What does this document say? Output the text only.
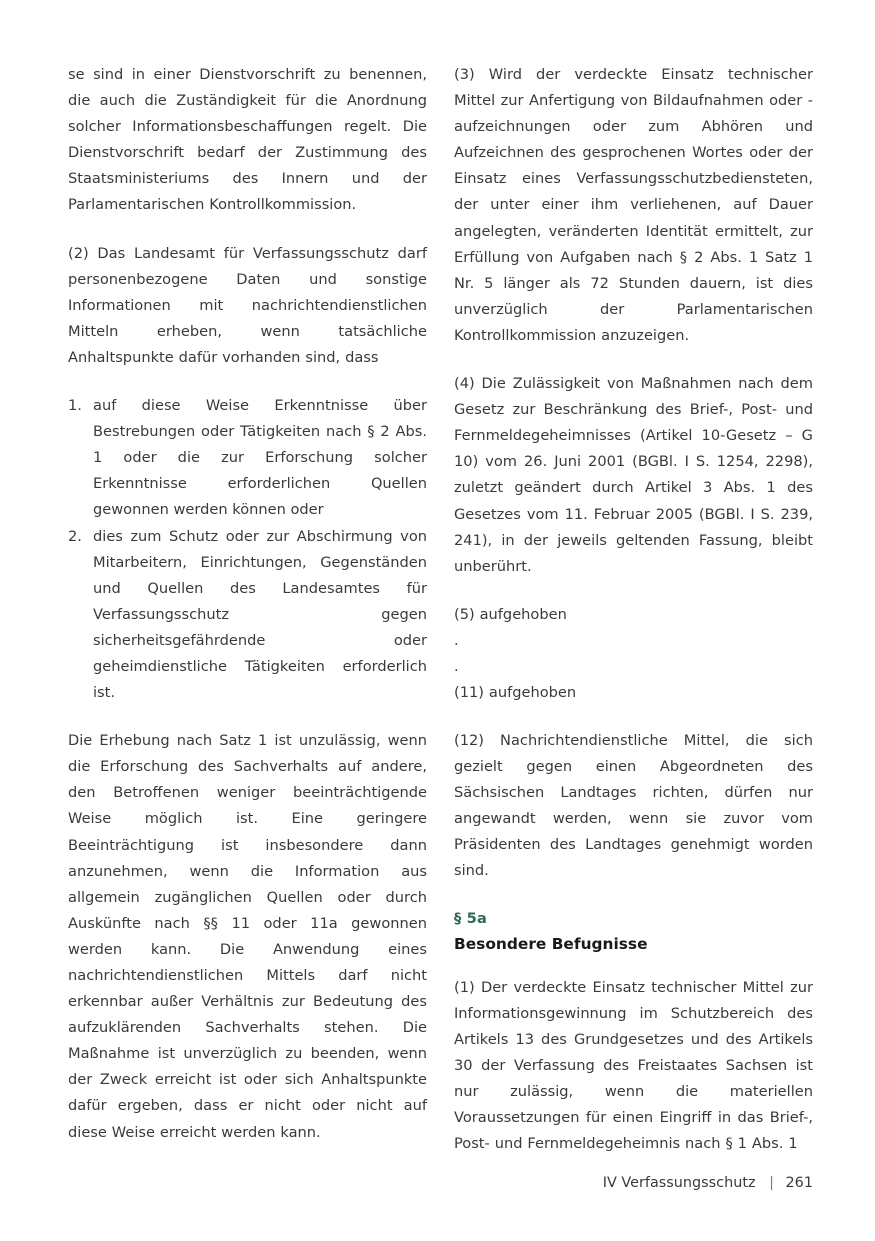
se sind in einer Dienstvorschrift zu benennen, die auch die Zuständigkeit für die Anordnung solcher Informationsbeschaffungen regelt. Die Dienstvorschrift bedarf der Zustimmung des Staatsministeriums des Innern und der Parlamentarischen Kontrollkommission.

(2) Das Landesamt für Verfassungsschutz darf personenbezogene Daten und sonstige Informationen mit nachrichtendienstlichen Mitteln erheben, wenn tatsächliche Anhaltspunkte dafür vorhanden sind, dass

1. auf diese Weise Erkenntnisse über Bestrebungen oder Tätigkeiten nach § 2 Abs. 1 oder die zur Erforschung solcher Erkenntnisse erforderlichen Quellen gewonnen werden können oder
2. dies zum Schutz oder zur Abschirmung von Mitarbeitern, Einrichtungen, Gegenständen und Quellen des Landesamtes für Verfassungsschutz gegen sicherheitsgefährdende oder geheimdienstliche Tätigkeiten erforderlich ist.

Die Erhebung nach Satz 1 ist unzulässig, wenn die Erforschung des Sachverhalts auf andere, den Betroffenen weniger beeinträchtigende Weise möglich ist. Eine geringere Beeinträchtigung ist insbesondere dann anzunehmen, wenn die Information aus allgemein zugänglichen Quellen oder durch Auskünfte nach §§ 11 oder 11a gewonnen werden kann. Die Anwendung eines nachrichtendienstlichen Mittels darf nicht erkennbar außer Verhältnis zur Bedeutung des aufzuklärenden Sachverhalts stehen. Die Maßnahme ist unverzüglich zu beenden, wenn der Zweck erreicht ist oder sich Anhaltspunkte dafür ergeben, dass er nicht oder nicht auf diese Weise erreicht werden kann.

(3) Wird der verdeckte Einsatz technischer Mittel zur Anfertigung von Bildaufnahmen oder -aufzeichnungen oder zum Abhören und Aufzeichnen des gesprochenen Wortes oder der Einsatz eines Verfassungsschutzbediensteten, der unter einer ihm verliehenen, auf Dauer angelegten, veränderten Identität ermittelt, zur Erfüllung von Aufgaben nach § 2 Abs. 1 Satz 1 Nr. 5 länger als 72 Stunden dauern, ist dies unverzüglich der Parlamentarischen Kontrollkommission anzuzeigen.

(4) Die Zulässigkeit von Maßnahmen nach dem Gesetz zur Beschränkung des Brief-, Post- und Fernmeldegeheimnisses (Artikel 10-Gesetz – G 10) vom 26. Juni 2001 (BGBl. I S. 1254, 2298), zuletzt geändert durch Artikel 3 Abs. 1 des Gesetzes vom 11. Februar 2005 (BGBl. I S. 239, 241), in der jeweils geltenden Fassung, bleibt unberührt.

(5) aufgehoben

.
.

(11) aufgehoben

(12) Nachrichtendienstliche Mittel, die sich gezielt gegen einen Abgeordneten des Sächsischen Landtages richten, dürfen nur angewandt werden, wenn sie zuvor vom Präsidenten des Landtages genehmigt worden sind.

§ 5a
Besondere Befugnisse

(1) Der verdeckte Einsatz technischer Mittel zur Informationsgewinnung im Schutzbereich des Artikels 13 des Grundgesetzes und des Artikels 30 der Verfassung des Freistaates Sachsen ist nur zulässig, wenn die materiellen Voraussetzungen für einen Eingriff in das Brief-, Post- und Fernmeldegeheimnis nach § 1 Abs. 1

IV Verfassungsschutz | 261
